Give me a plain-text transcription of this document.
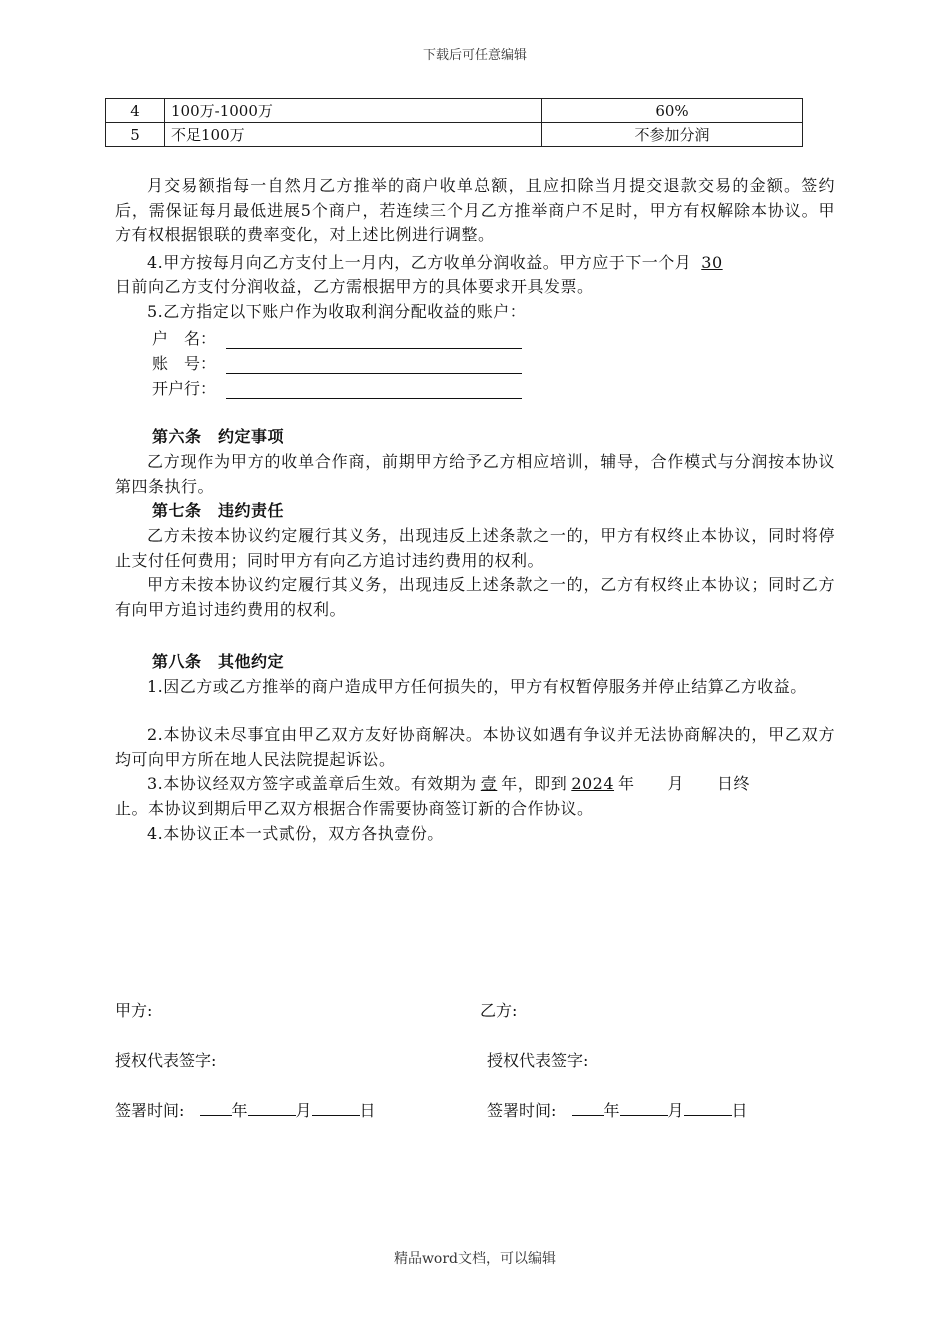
下载后可任意编辑
4	100万-1000万	60%
5	不足100万	不参加分润
月交易额指每一自然月乙方推举的商户收单总额，且应扣除当月提交退款交易的金额。签约后，需保证每月最低进展5个商户，若连续三个月乙方推举商户不足时，甲方有权解除本协议。甲方有权根据银联的费率变化，对上述比例进行调整。
4.甲方按每月向乙方支付上一月内，乙方收单分润收益。甲方应于下一个月 30
日前向乙方支付分润收益，乙方需根据甲方的具体要求开具发票。
5.乙方指定以下账户作为收取利润分配收益的账户：
户　名：
账　号：
开户行：
第六条　约定事项
乙方现作为甲方的收单合作商，前期甲方给予乙方相应培训，辅导，合作模式与分润按本协议第四条执行。
第七条　违约责任
乙方未按本协议约定履行其义务，出现违反上述条款之一的，甲方有权终止本协议，同时将停止支付任何费用；同时甲方有向乙方追讨违约费用的权利。
甲方未按本协议约定履行其义务，出现违反上述条款之一的，乙方有权终止本协议；同时乙方有向甲方追讨违约费用的权利。
第八条　其他约定
1.因乙方或乙方推举的商户造成甲方任何损失的，甲方有权暂停服务并停止结算乙方收益。
2.本协议未尽事宜由甲乙双方友好协商解决。本协议如遇有争议并无法协商解决的，甲乙双方均可向甲方所在地人民法院提起诉讼。
3.本协议经双方签字或盖章后生效。有效期为 壹 年，即到 2024 年　　月　　日终
止。本协议到期后甲乙双方根据合作需要协商签订新的合作协议。
4.本协议正本一式贰份，双方各执壹份。
甲方:	乙方:
授权代表签字:	授权代表签字:
签署时间:	年	月	日	签署时间:	年	月	日
精品word文档，可以编辑
